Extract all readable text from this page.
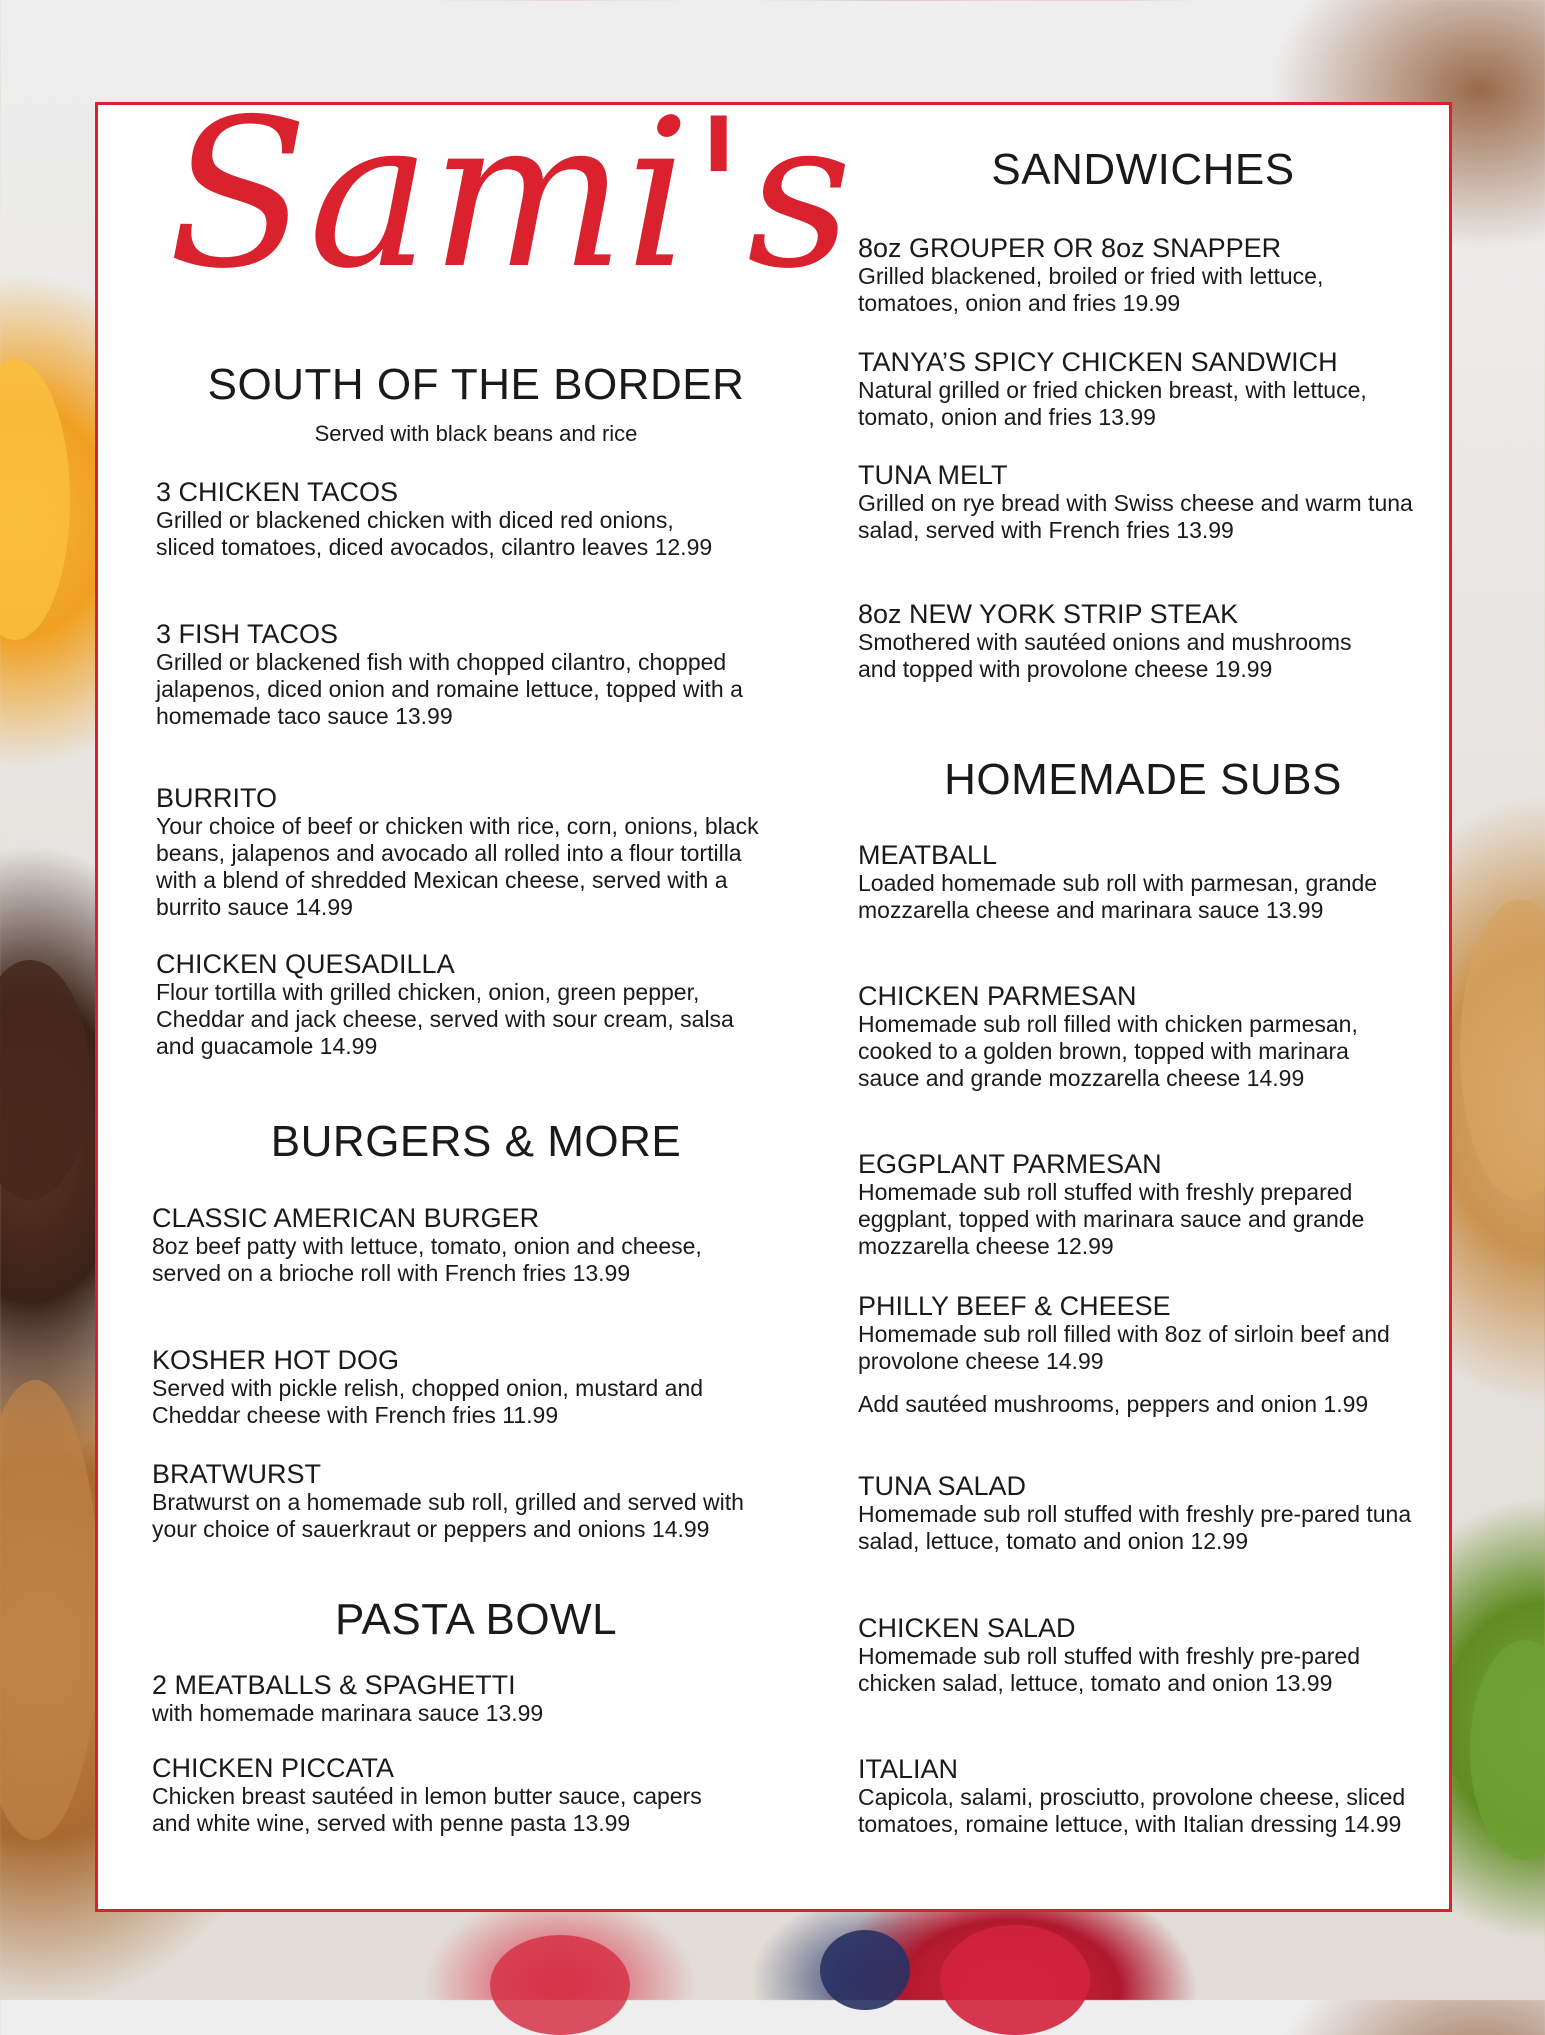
Sami's
SOUTH OF THE BORDER
Served with black beans and rice
3 CHICKEN TACOS
Grilled or blackened chicken with diced red onions, sliced tomatoes, diced avocados, cilantro leaves 12.99
3 FISH TACOS
Grilled or blackened fish with chopped cilantro, chopped jalapenos, diced onion and romaine lettuce, topped with a homemade taco sauce 13.99
BURRITO
Your choice of beef or chicken with rice, corn, onions, black beans, jalapenos and avocado all rolled into a flour tortilla with a blend of shredded Mexican cheese, served with a burrito sauce 14.99
CHICKEN QUESADILLA
Flour tortilla with grilled chicken, onion, green pepper, Cheddar and jack cheese, served with sour cream, salsa and guacamole 14.99
BURGERS & MORE
CLASSIC AMERICAN BURGER
8oz beef patty with lettuce, tomato, onion and cheese, served on a brioche roll with French fries 13.99
KOSHER HOT DOG
Served with pickle relish, chopped onion, mustard and Cheddar cheese with French fries 11.99
BRATWURST
Bratwurst on a homemade sub roll, grilled and served with your choice of sauerkraut or peppers and onions 14.99
PASTA BOWL
2 MEATBALLS & SPAGHETTI
with homemade marinara sauce 13.99
CHICKEN PICCATA
Chicken breast sautéed in lemon butter sauce, capers and white wine, served with penne pasta 13.99
SANDWICHES
8oz GROUPER OR 8oz SNAPPER
Grilled blackened, broiled or fried with lettuce, tomatoes, onion and fries 19.99
TANYA’S SPICY CHICKEN SANDWICH
Natural grilled or fried chicken breast, with lettuce, tomato, onion and fries 13.99
TUNA MELT
Grilled on rye bread with Swiss cheese and warm tuna salad, served with French fries 13.99
8oz NEW YORK STRIP STEAK
Smothered with sautéed onions and mushrooms and topped with provolone cheese 19.99
HOMEMADE SUBS
MEATBALL
Loaded homemade sub roll with parmesan, grande mozzarella cheese and marinara sauce 13.99
CHICKEN PARMESAN
Homemade sub roll filled with chicken parmesan, cooked to a golden brown, topped with marinara sauce and grande mozzarella cheese 14.99
EGGPLANT PARMESAN
Homemade sub roll stuffed with freshly prepared eggplant, topped with marinara sauce and grande mozzarella cheese 12.99
PHILLY BEEF & CHEESE
Homemade sub roll filled with 8oz of sirloin beef and provolone cheese 14.99
Add sautéed mushrooms, peppers and onion 1.99
TUNA SALAD
Homemade sub roll stuffed with freshly pre-pared tuna salad, lettuce, tomato and onion 12.99
CHICKEN SALAD
Homemade sub roll stuffed with freshly pre-pared chicken salad, lettuce, tomato and onion 13.99
ITALIAN
Capicola, salami, prosciutto, provolone cheese, sliced tomatoes, romaine lettuce, with Italian dressing 14.99
